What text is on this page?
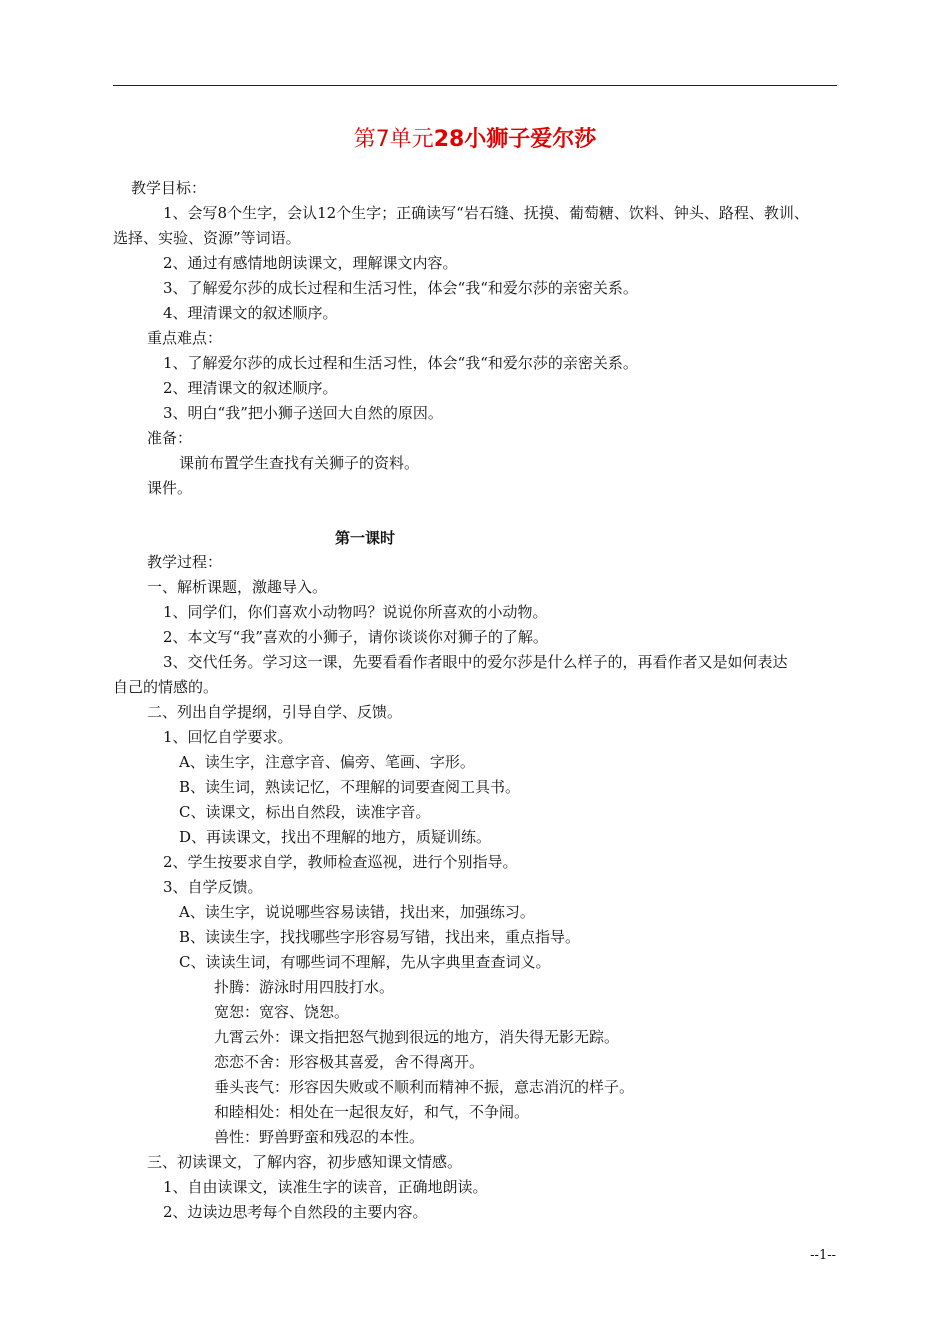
第7单元28小狮子爱尔莎
教学目标：
1、会写8个生字，会认12个生字；正确读写“岩石缝、抚摸、葡萄糖、饮料、钟头、路程、教训、
选择、实验、资源”等词语。
2、通过有感情地朗读课文，理解课文内容。
3、了解爱尔莎的成长过程和生活习性，体会“我“和爱尔莎的亲密关系。
4、理清课文的叙述顺序。
重点难点：
1、了解爱尔莎的成长过程和生活习性，体会“我“和爱尔莎的亲密关系。
2、理清课文的叙述顺序。
3、明白“我”把小狮子送回大自然的原因。
准备：
课前布置学生查找有关狮子的资料。
课件。
第一课时
教学过程：
一、解析课题，激趣导入。
1、同学们，你们喜欢小动物吗？说说你所喜欢的小动物。
2、本文写“我”喜欢的小狮子，请你谈谈你对狮子的了解。
3、交代任务。学习这一课，先要看看作者眼中的爱尔莎是什么样子的，再看作者又是如何表达
自己的情感的。
二、列出自学提纲，引导自学、反馈。
1、回忆自学要求。
A、读生字，注意字音、偏旁、笔画、字形。
B、读生词，熟读记忆，不理解的词要查阅工具书。
C、读课文，标出自然段，读准字音。
D、再读课文，找出不理解的地方，质疑训练。
2、学生按要求自学，教师检查巡视，进行个别指导。
3、自学反馈。
A、读生字，说说哪些容易读错，找出来，加强练习。
B、读读生字，找找哪些字形容易写错，找出来，重点指导。
C、读读生词，有哪些词不理解，先从字典里查查词义。
扑腾：游泳时用四肢打水。
宽恕：宽容、饶恕。
九霄云外：课文指把怒气抛到很远的地方，消失得无影无踪。
恋恋不舍：形容极其喜爱，舍不得离开。
垂头丧气：形容因失败或不顺利而精神不振，意志消沉的样子。
和睦相处：相处在一起很友好，和气，不争闹。
兽性：野兽野蛮和残忍的本性。
三、初读课文，了解内容，初步感知课文情感。
1、自由读课文，读准生字的读音，正确地朗读。
2、边读边思考每个自然段的主要内容。
--1--
